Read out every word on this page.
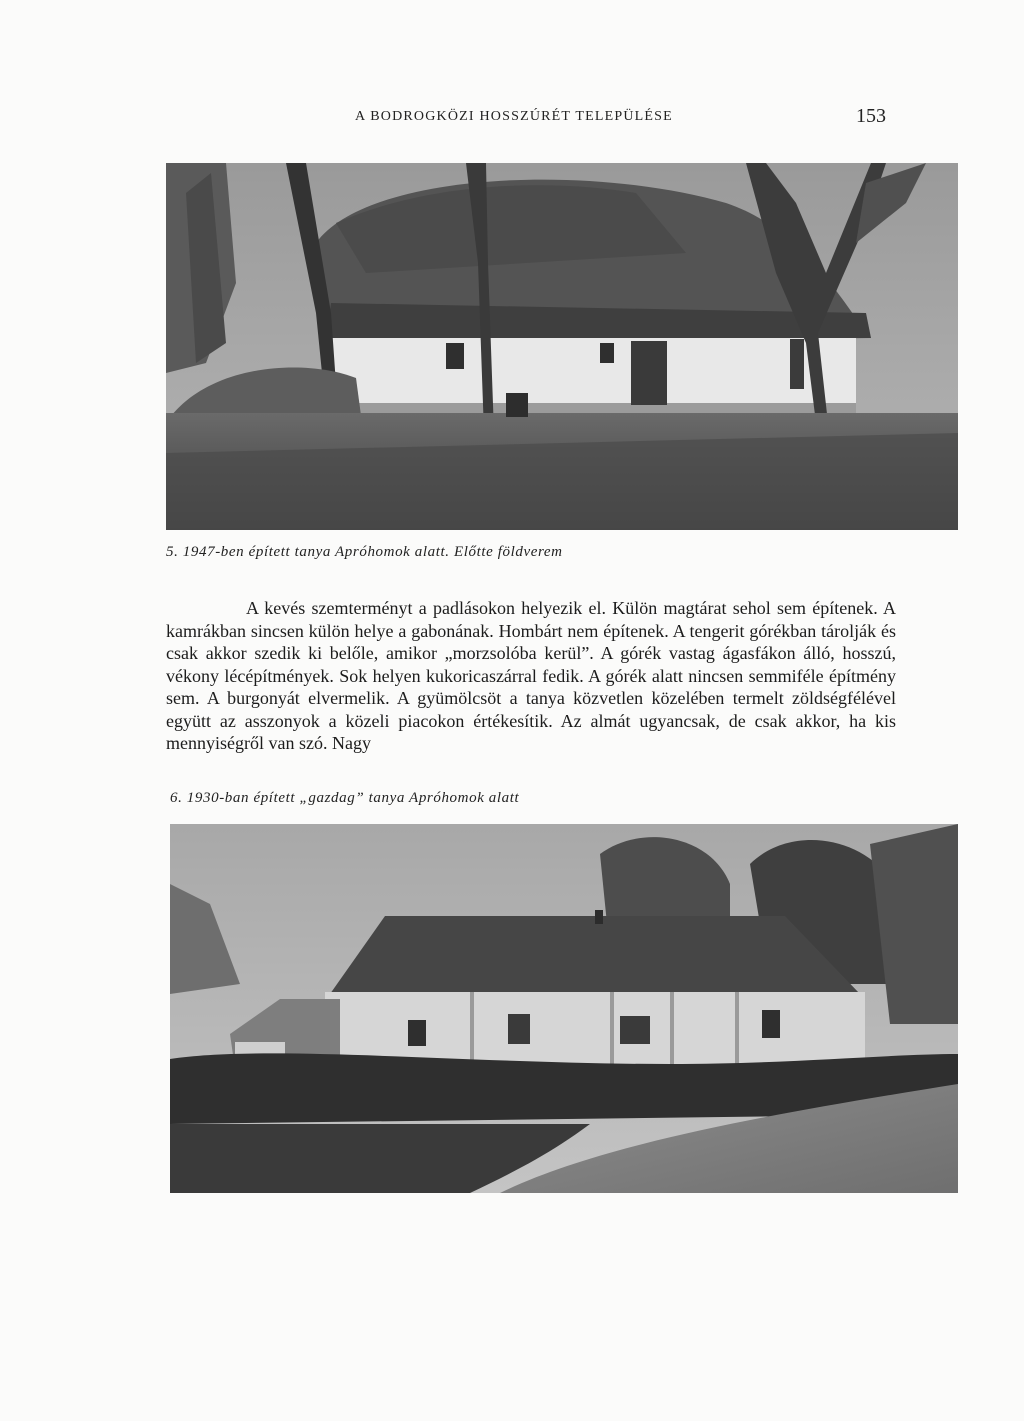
A BODROGKÖZI HOSSZÚRÉT TELEPÜLÉSE	153
5. 1947-ben épített tanya Apróhomok alatt. Előtte földverem

A kevés szemterményt a padlásokon helyezik el. Külön magtárat sehol sem építenek. A kamrákban sincsen külön helye a gabonának. Hombárt nem építenek. A tengerit górékban tárolják és csak akkor szedik ki belőle, amikor „morzsolóba kerül”. A górék vastag ágasfákon álló, hosszú, vékony lécépítmények. Sok helyen kukoricaszárral fedik. A górék alatt nincsen semmiféle építmény sem. A burgonyát elvermelik. A gyümölcsöt a tanya közvetlen közelében termelt zöldségfélével együtt az asszonyok a közeli piacokon értékesítik. Az almát ugyancsak, de csak akkor, ha kis mennyiségről van szó. Nagy

6. 1930-ban épített „gazdag” tanya Apróhomok alatt
